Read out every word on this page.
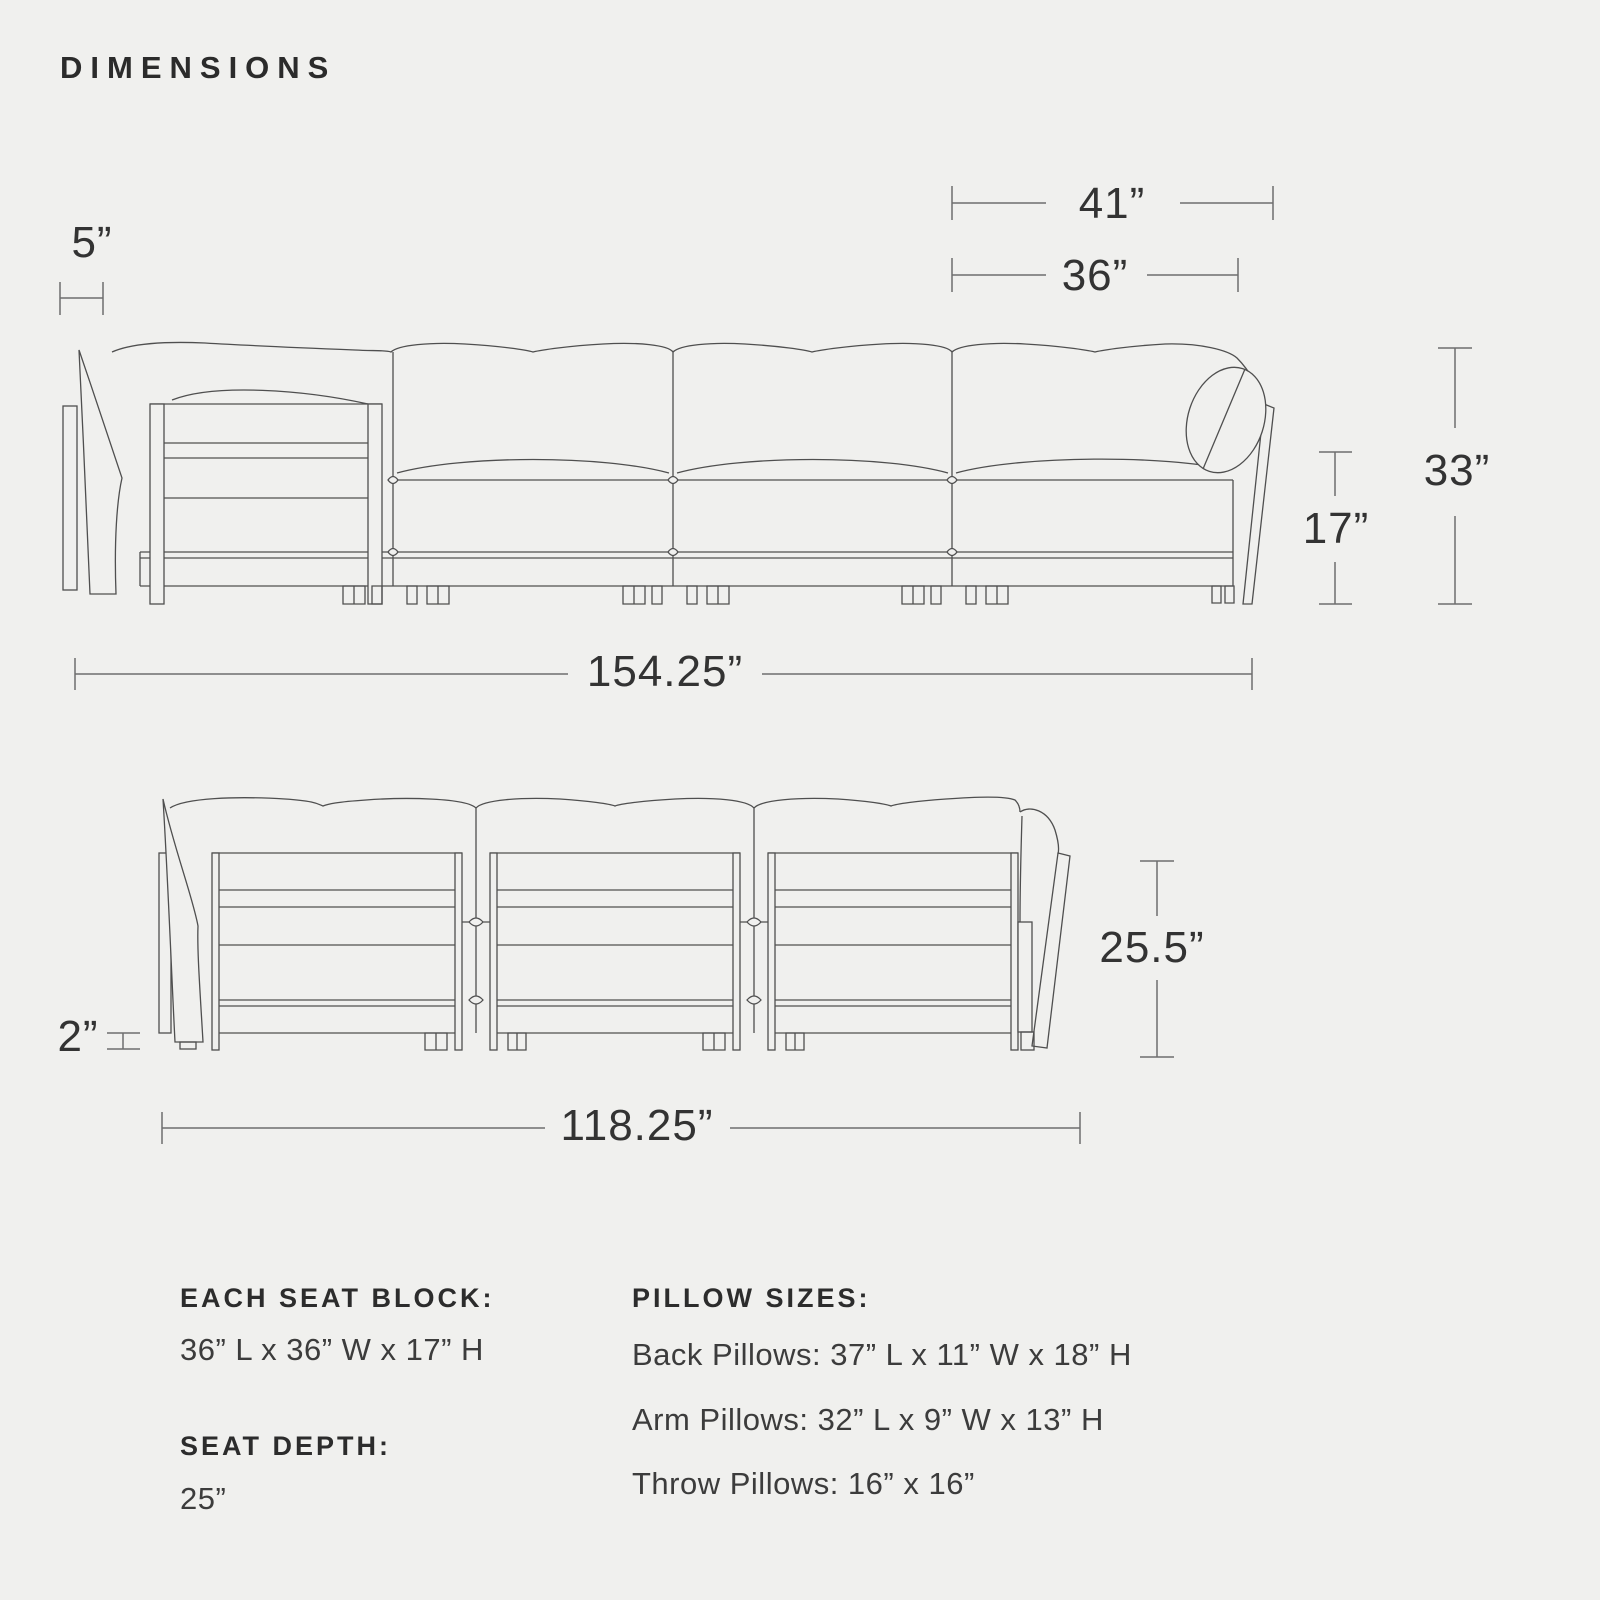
DIMENSIONS
5”
41”
36”
17”
33”
154.25”
25.5”
2”
118.25”
EACH SEAT BLOCK:
36” L x 36” W x 17” H
SEAT DEPTH:
25”
PILLOW SIZES:
Back Pillows: 37” L x 11” W x 18” H
Arm Pillows: 32” L x 9” W x 13” H
Throw Pillows: 16” x 16”
